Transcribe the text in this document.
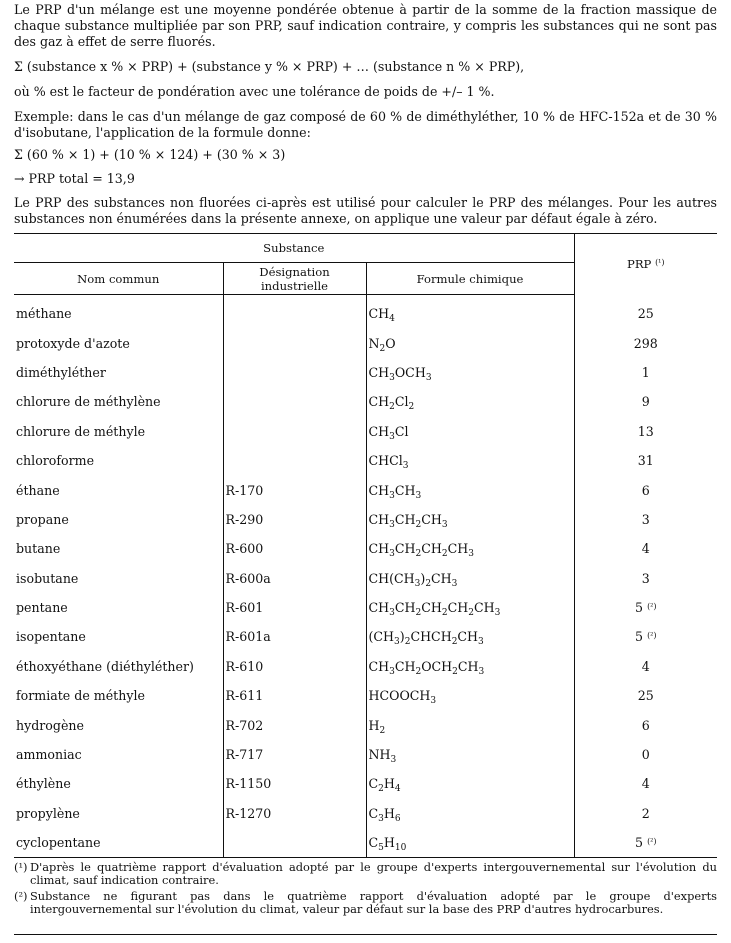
Le PRP d'un mélange est une moyenne pondérée obtenue à partir de la somme de la fraction massique de chaque substance multipliée par son PRP, sauf indication contraire, y compris les substances qui ne sont pas des gaz à effet de serre fluorés.

Σ (substance x % × PRP) + (substance y % × PRP) + … (substance n % × PRP),

où % est le facteur de pondération avec une tolérance de poids de +/– 1 %.

Exemple: dans le cas d'un mélange de gaz composé de 60 % de diméthyléther, 10 % de HFC-152a et de 30 % d'isobutane, l'application de la formule donne:

Σ (60 % × 1) + (10 % × 124) + (30 % × 3)

→ PRP total = 13,9

Le PRP des substances non fluorées ci-après est utilisé pour calculer le PRP des mélanges. Pour les autres substances non énumérées dans la présente annexe, on applique une valeur par défaut égale à zéro.

Substance			PRP $^{(^1)}$
Nom commun	Désignation industrielle	Formule chimique	
méthane		$CH_4$	25
protoxyde d'azote		$N_2O$	298
diméthyléther		$CH_3OCH_3$	1
chlorure de méthylène		$CH_2Cl_2$	9
chlorure de méthyle		$CH_3Cl$	13
chloroforme		CHCl$_3$	31
éthane	R-170	$CH_3CH_3$	6
propane	R-290	$CH_3CH_2CH_3$	3
butane	R-600	$CH_3CH_2CH_2CH_3$	4
isobutane	R-600a	$CH(CH_3)_2CH_3$	3
pentane	R-601	$CH_3CH_2CH_2CH_2CH_3$	5 $^{(^2)}$
isopentane	R-601a	$(CH_3)_2CHCH_2CH_3$	5 $^{(^2)}$
éthoxyéthane (diéthyléther)	R-610	$CH_3CH_2OCH_2CH_3$	4
formiate de méthyle	R-611	$HCOOCH_3$	25
hydrogène	R-702	$H_2$	6
ammoniac	R-717	$NH_3$	0
éthylène	R-1150	$C_2H_4$	4
propylène	R-1270	$C_3H_6$	2
cyclopentane		$C_5H_{10}$	5 $^{(^2)}$
(¹) D'après le quatrième rapport d'évaluation adopté par le groupe d'experts intergouvernemental sur l'évolution du climat, sauf indication contraire.
(²) Substance ne figurant pas dans le quatrième rapport d'évaluation adopté par le groupe d'experts intergouvernemental sur l'évolution du climat, valeur par défaut sur la base des PRP d'autres hydrocarbures.
